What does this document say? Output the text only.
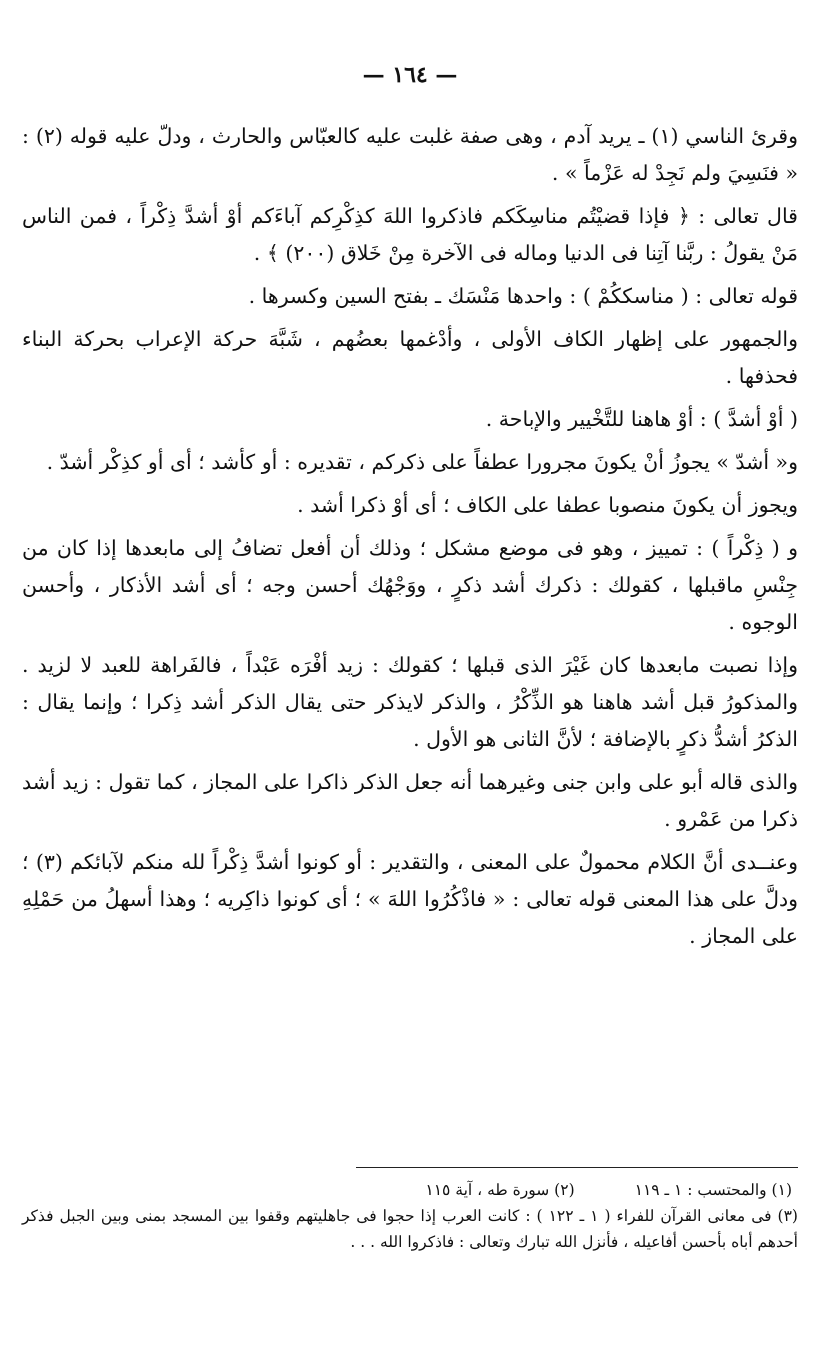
— ١٦٤ —

وقرئ الناسي (١) ـ يريد آدم ، وهى صفة غلبت عليه كالعبّاس والحارث ، ودلّ عليه قوله (٢) : « فنَسِيَ ولم نَجِدْ له عَزْماً » .

قال تعالى : ﴿ فإذا قضيْتُم مناسِكَكم فاذكروا اللهَ كذِكْرِكم آباءَكم أوْ أشدَّ ذِكْراً ، فمن الناس مَنْ يقولُ : ربَّنا آتِنا فى الدنيا وماله فى الآخرة مِنْ خَلاق (٢٠٠) ﴾ .

قوله تعالى : ( مناسككُمْ ) : واحدها مَنْسَك ـ بفتح السين وكسرها .

والجمهور على إظهار الكاف الأولى ، وأدْغمها بعضُهم ، شَبَّهَ حركة الإعراب بحركة البناء فحذفها .

( أوْ أشدَّ ) : أوْ هاهنا للتَّخْيير والإباحة .

و« أشدّ » يجوزُ أنْ يكونَ مجرورا عطفاً على ذكركم ، تقديره : أو كأشد ؛ أى أو كذِكْر أشدّ .

ويجوز أن يكونَ منصوبا عطفا على الكاف ؛ أى أوْ ذكرا أشد .

و ( ذِكْراً ) : تمييز ، وهو فى موضع مشكل ؛ وذلك أن أفعل تضافُ إلى مابعدها إذا كان من جِنْسِ ماقبلها ، كقولك : ذكرك أشد ذكرٍ ، ووَجْهُك أحسن وجه ؛ أى أشد الأذكار ، وأحسن الوجوه .

وإذا نصبت مابعدها كان غَيْرَ الذى قبلها ؛ كقولك : زيد أفْرَه عَبْداً ، فالفَراهة للعبد لا لزيد . والمذكورُ قبل أشد هاهنا هو الذِّكْرُ ، والذكر لايذكر حتى يقال الذكر أشد ذِكرا ؛ وإنما يقال : الذكرُ أشدُّ ذكرٍ بالإضافة ؛ لأنَّ الثانى هو الأول .

والذى قاله أبو على وابن جنى وغيرهما أنه جعل الذكر ذاكرا على المجاز ، كما تقول : زيد أشد ذكرا من عَمْرو .

وعنــدى أنَّ الكلام محمولٌ على المعنى ، والتقدير : أو كونوا أشدَّ ذِكْراً لله منكم لآبائكم (٣) ؛ ودلَّ على هذا المعنى قوله تعالى : « فاذْكُرُوا اللهَ » ؛ أى كونوا ذاكِريه ؛ وهذا أسهلُ من حَمْلِهِ على المجاز .

(١) والمحتسب : ١ ـ ١١٩
(٢) سورة طه ، آية ١١٥

(٣) فى معانى القرآن للفراء ( ١ ـ ١٢٢ ) : كانت العرب إذا حجوا فى جاهليتهم وقفوا بين المسجد بمنى وبين الجبل فذكر أحدهم أباه بأحسن أفاعيله ، فأنزل الله تبارك وتعالى : فاذكروا الله . . .
